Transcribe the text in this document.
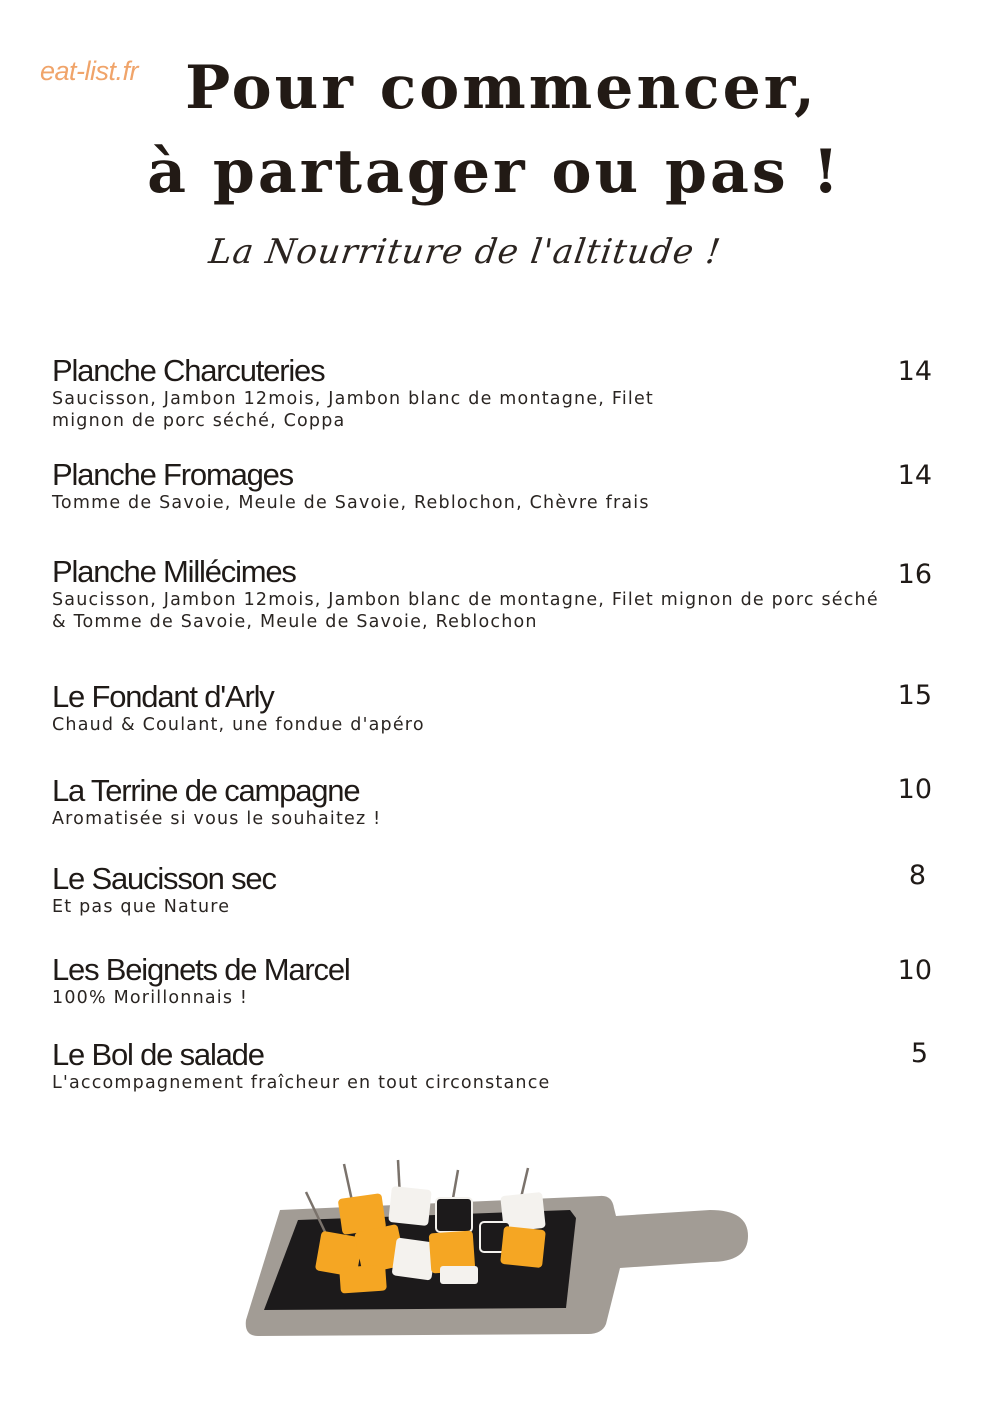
eat-list.fr Pour commencer,
à partager ou pas !
La Nourriture de l'altitude !
Planche Charcuteries
Saucisson, Jambon 12mois, Jambon blanc de montagne, Filet mignon de porc séché, Coppa
14
Planche Fromages
Tomme de Savoie, Meule de Savoie, Reblochon, Chèvre frais
14
Planche Millécimes
Saucisson, Jambon 12mois, Jambon blanc de montagne, Filet mignon de porc séché & Tomme de Savoie, Meule de Savoie, Reblochon
16
Le Fondant d'Arly
Chaud & Coulant, une fondue d'apéro
15
La Terrine de campagne
Aromatisée si vous le souhaitez !
10
Le Saucisson sec
Et pas que Nature
8
Les Beignets de Marcel
100% Morillonnais !
10
Le Bol de salade
L'accompagnement fraîcheur en tout circonstance
5
